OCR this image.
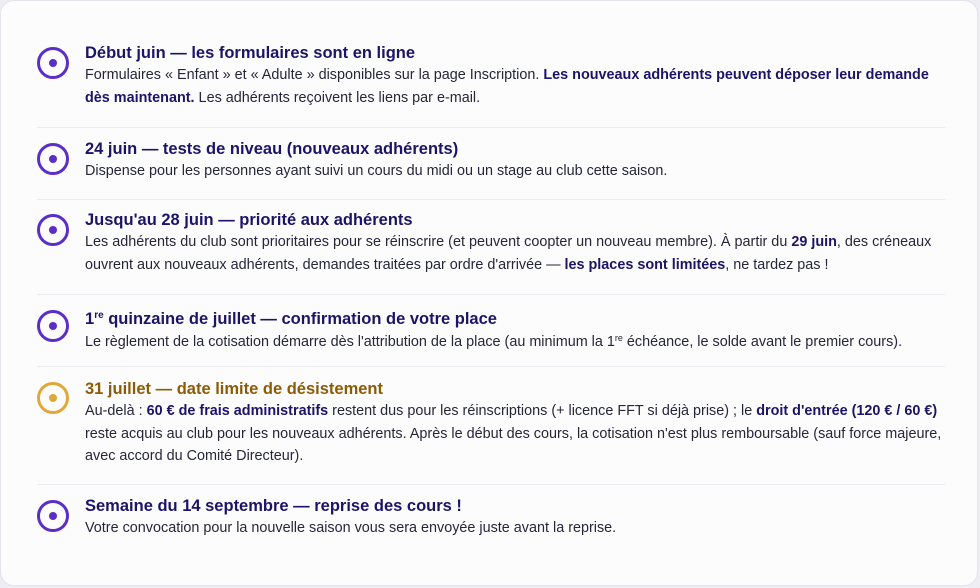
Début juin — les formulaires sont en ligne
Formulaires « Enfant » et « Adulte » disponibles sur la page Inscription. Les nouveaux adhérents peuvent déposer leur demande dès maintenant. Les adhérents reçoivent les liens par e-mail.
24 juin — tests de niveau (nouveaux adhérents)
Dispense pour les personnes ayant suivi un cours du midi ou un stage au club cette saison.
Jusqu'au 28 juin — priorité aux adhérents
Les adhérents du club sont prioritaires pour se réinscrire (et peuvent coopter un nouveau membre). À partir du 29 juin, des créneaux ouvrent aux nouveaux adhérents, demandes traitées par ordre d'arrivée — les places sont limitées, ne tardez pas !
1re quinzaine de juillet — confirmation de votre place
Le règlement de la cotisation démarre dès l'attribution de la place (au minimum la 1re échéance, le solde avant le premier cours).
31 juillet — date limite de désistement
Au-delà : 60 € de frais administratifs restent dus pour les réinscriptions (+ licence FFT si déjà prise) ; le droit d'entrée (120 € / 60 €) reste acquis au club pour les nouveaux adhérents. Après le début des cours, la cotisation n'est plus remboursable (sauf force majeure, avec accord du Comité Directeur).
Semaine du 14 septembre — reprise des cours !
Votre convocation pour la nouvelle saison vous sera envoyée juste avant la reprise.
